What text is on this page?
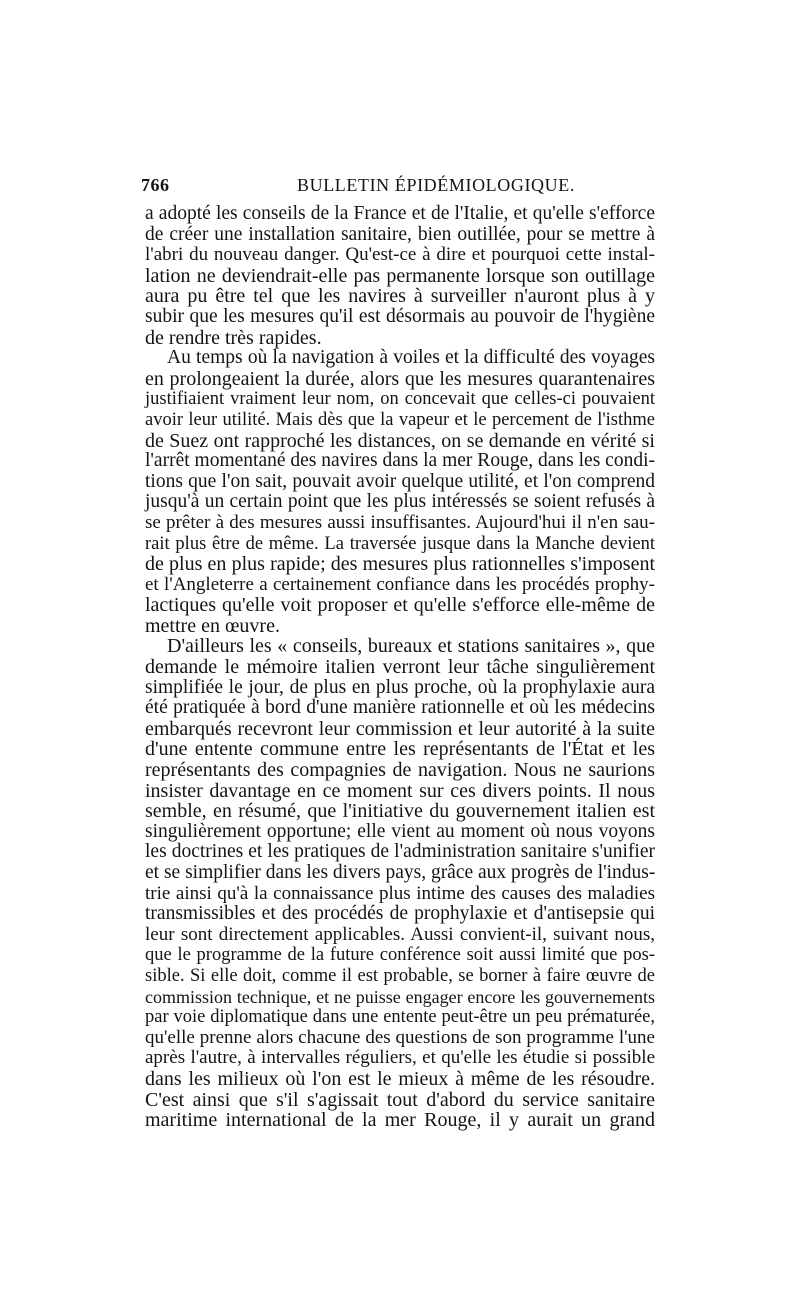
766	BULLETIN ÉPIDÉMIOLOGIQUE.
a adopté les conseils de la France et de l'Italie, et qu'elle s'efforce
de créer une installation sanitaire, bien outillée, pour se mettre à
l'abri du nouveau danger. Qu'est-ce à dire et pourquoi cette instal-
lation ne deviendrait-elle pas permanente lorsque son outillage
aura pu être tel que les navires à surveiller n'auront plus à y
subir que les mesures qu'il est désormais au pouvoir de l'hygiène
de rendre très rapides.
Au temps où la navigation à voiles et la difficulté des voyages
en prolongeaient la durée, alors que les mesures quarantenaires
justifiaient vraiment leur nom, on concevait que celles-ci pouvaient
avoir leur utilité. Mais dès que la vapeur et le percement de l'isthme
de Suez ont rapproché les distances, on se demande en vérité si
l'arrêt momentané des navires dans la mer Rouge, dans les condi-
tions que l'on sait, pouvait avoir quelque utilité, et l'on comprend
jusqu'à un certain point que les plus intéressés se soient refusés à
se prêter à des mesures aussi insuffisantes. Aujourd'hui il n'en sau-
rait plus être de même. La traversée jusque dans la Manche devient
de plus en plus rapide; des mesures plus rationnelles s'imposent
et l'Angleterre a certainement confiance dans les procédés prophy-
lactiques qu'elle voit proposer et qu'elle s'efforce elle-même de
mettre en œuvre.
D'ailleurs les « conseils, bureaux et stations sanitaires », que
demande le mémoire italien verront leur tâche singulièrement
simplifiée le jour, de plus en plus proche, où la prophylaxie aura
été pratiquée à bord d'une manière rationnelle et où les médecins
embarqués recevront leur commission et leur autorité à la suite
d'une entente commune entre les représentants de l'État et les
représentants des compagnies de navigation. Nous ne saurions
insister davantage en ce moment sur ces divers points. Il nous
semble, en résumé, que l'initiative du gouvernement italien est
singulièrement opportune; elle vient au moment où nous voyons
les doctrines et les pratiques de l'administration sanitaire s'unifier
et se simplifier dans les divers pays, grâce aux progrès de l'indus-
trie ainsi qu'à la connaissance plus intime des causes des maladies
transmissibles et des procédés de prophylaxie et d'antisepsie qui
leur sont directement applicables. Aussi convient-il, suivant nous,
que le programme de la future conférence soit aussi limité que pos-
sible. Si elle doit, comme il est probable, se borner à faire œuvre de
commission technique, et ne puisse engager encore les gouvernements
par voie diplomatique dans une entente peut-être un peu prématurée,
qu'elle prenne alors chacune des questions de son programme l'une
après l'autre, à intervalles réguliers, et qu'elle les étudie si possible
dans les milieux où l'on est le mieux à même de les résoudre.
C'est ainsi que s'il s'agissait tout d'abord du service sanitaire
maritime international de la mer Rouge, il y aurait un grand
